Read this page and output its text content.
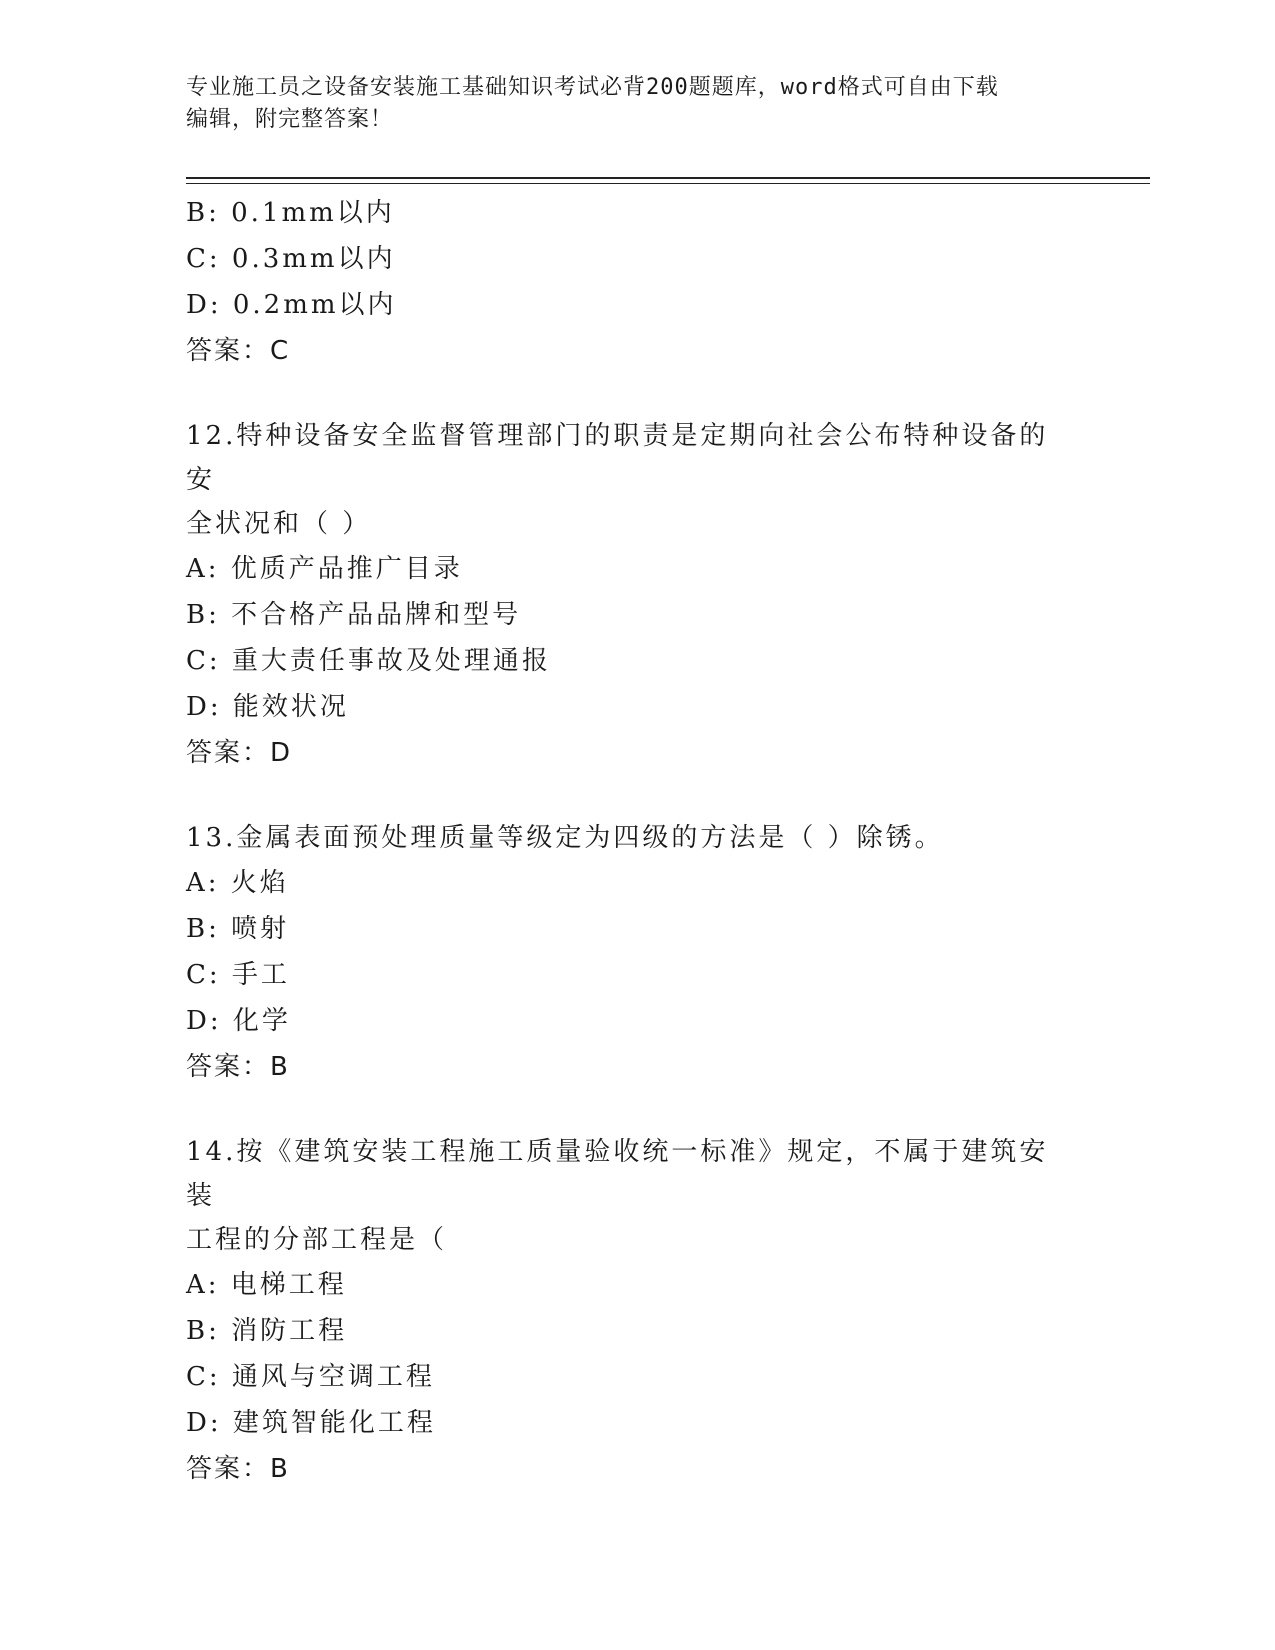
专业施工员之设备安装施工基础知识考试必背200题题库，word格式可自由下载
编辑，附完整答案！
B: 0.1mm以内
C: 0.3mm以内
D: 0.2mm以内
答案：C
12.特种设备安全监督管理部门的职责是定期向社会公布特种设备的安
全状况和（ ）
A: 优质产品推广目录
B: 不合格产品品牌和型号
C: 重大责任事故及处理通报
D: 能效状况
答案：D
13.金属表面预处理质量等级定为四级的方法是（ ）除锈。
A: 火焰
B: 喷射
C: 手工
D: 化学
答案：B
14.按《建筑安装工程施工质量验收统一标准》规定，不属于建筑安装
工程的分部工程是（
A: 电梯工程
B: 消防工程
C: 通风与空调工程
D: 建筑智能化工程
答案：B
